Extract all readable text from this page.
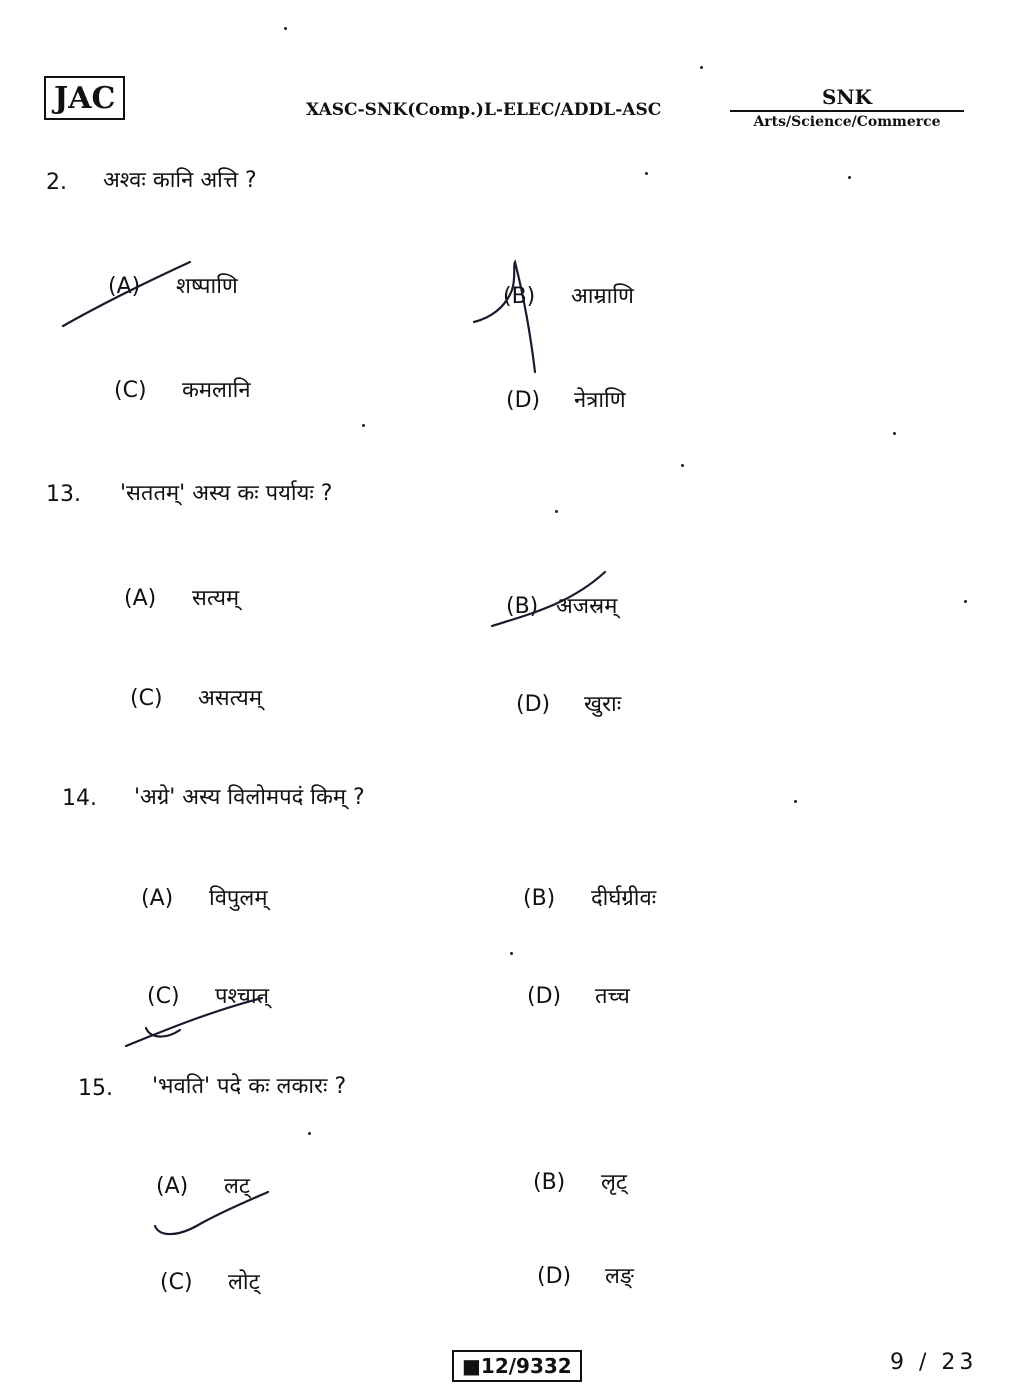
JAC	XASC-SNK(Comp.)L-ELEC/ADDL-ASC
SNK
Arts/Science/Commerce
2. अश्वः कानि अत्ति ?
(A) शष्पाणि	(B) आम्राणि
(C) कमलानि	(D) नेत्राणि
13. 'सततम्' अस्य कः पर्यायः ?
(A) सत्यम्	(B) अजस्रम्
(C) असत्यम्	(D) खुराः
14. 'अग्रे' अस्य विलोमपदं किम् ?
(A) विपुलम्	(B) दीर्घग्रीवः
(C) पश्चात्	(D) तच्च
15. 'भवति' पदे कः लकारः ?
(A) लट्	(B) लृट्
(C) लोट्	(D) लङ्
■12/9332	9 / 23
